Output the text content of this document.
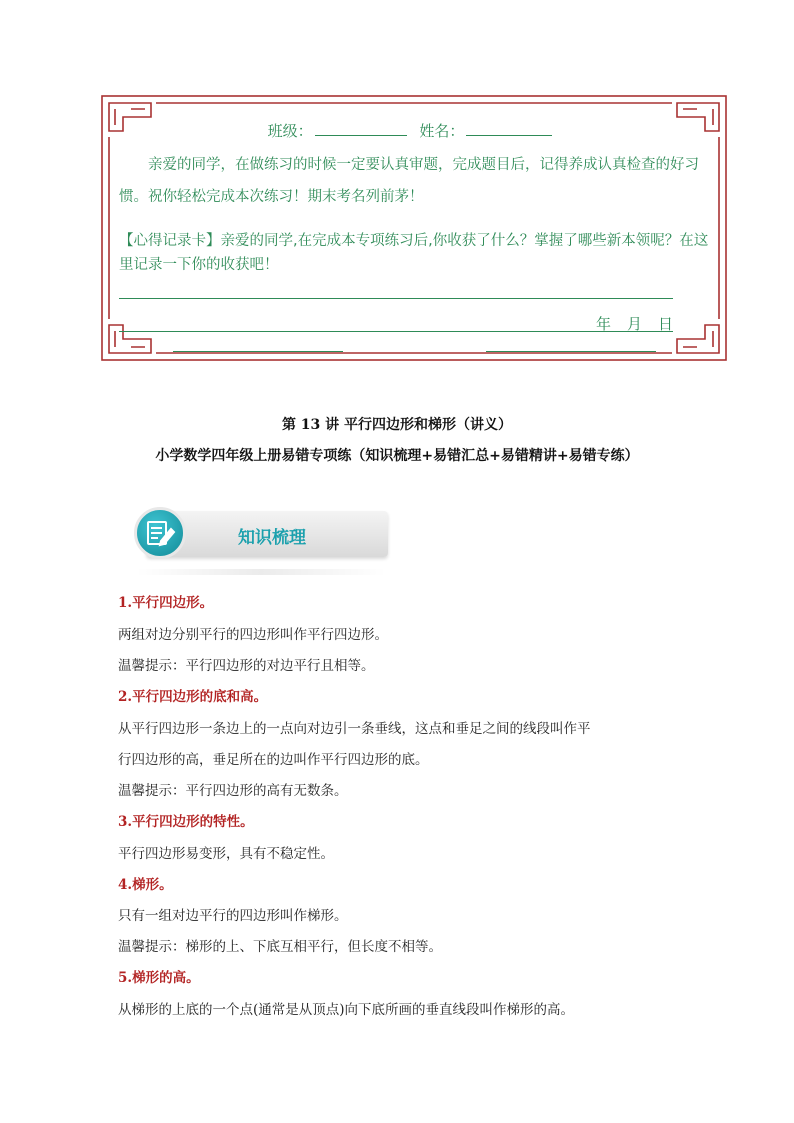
班级：	姓名：
亲爱的同学，在做练习的时候一定要认真审题，完成题目后，记得养成认真检查的好习惯。祝你轻松完成本次练习！期末考名列前茅！
【心得记录卡】亲爱的同学,在完成本专项练习后,你收获了什么？掌握了哪些新本领呢？在这里记录一下你的收获吧！
年 月 日
第 13 讲 平行四边形和梯形（讲义）
小学数学四年级上册易错专项练（知识梳理+易错汇总+易错精讲+易错专练）
知识梳理
1.平行四边形。
两组对边分别平行的四边形叫作平行四边形。
温馨提示：平行四边形的对边平行且相等。
2.平行四边形的底和高。
从平行四边形一条边上的一点向对边引一条垂线，这点和垂足之间的线段叫作平
行四边形的高，垂足所在的边叫作平行四边形的底。
温馨提示：平行四边形的高有无数条。
3.平行四边形的特性。
平行四边形易变形，具有不稳定性。
4.梯形。
只有一组对边平行的四边形叫作梯形。
温馨提示：梯形的上、下底互相平行，但长度不相等。
5.梯形的高。
从梯形的上底的一个点(通常是从顶点)向下底所画的垂直线段叫作梯形的高。
